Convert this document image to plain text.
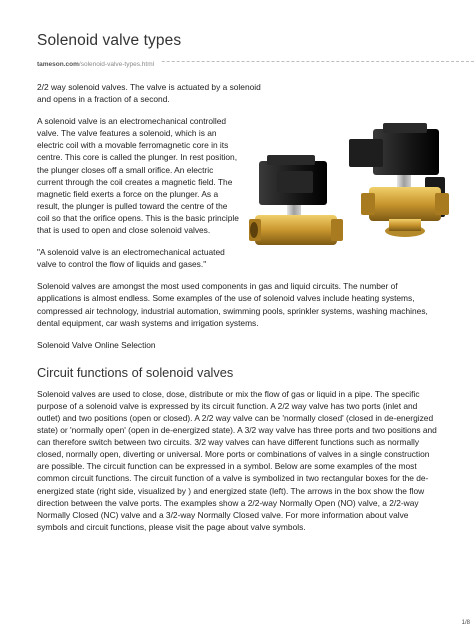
Solenoid valve types
tameson.com/solenoid-valve-types.html

2/2 way solenoid valves. The valve is actuated by a solenoid and opens in a fraction of a second.

A solenoid valve is an electromechanical controlled valve. The valve features a solenoid, which is an electric coil with a movable ferromagnetic core in its centre. This core is called the plunger. In rest position, the plunger closes off a small orifice. An electric current through the coil creates a magnetic field. The magnetic field exerts a force on the plunger. As a result, the plunger is pulled toward the centre of the coil so that the orifice opens. This is the basic principle that is used to open and close solenoid valves.

"A solenoid valve is an electromechanical actuated valve to control the flow of liquids and gases."

Solenoid valves are amongst the most used components in gas and liquid circuits. The number of applications is almost endless. Some examples of the use of solenoid valves include heating systems, compressed air technology, industrial automation, swimming pools, sprinkler systems, washing machines, dental equipment, car wash systems and irrigation systems.

Solenoid Valve Online Selection

Circuit functions of solenoid valves

Solenoid valves are used to close, dose, distribute or mix the flow of gas or liquid in a pipe. The specific purpose of a solenoid valve is expressed by its circuit function. A 2/2 way valve has two ports (inlet and outlet) and two positions (open or closed). A 2/2 way valve can be 'normally closed' (closed in de-energized state) or 'normally open' (open in de-energized state). A 3/2 way valve has three ports and two positions and can therefore switch between two circuits. 3/2 way valves can have different functions such as normally closed, normally open, diverting or universal. More ports or combinations of valves in a single construction are possible. The circuit function can be expressed in a symbol. Below are some examples of the most common circuit functions. The circuit function of a valve is symbolized in two rectangular boxes for the de-energized state (right side, visualized by ) and energized state (left). The arrows in the box show the flow direction between the valve ports. The examples show a 2/2-way Normally Open (NO) valve, a 2/2-way Normally Closed (NC) valve and a 3/2-way Normally Closed valve. For more information about valve symbols and circuit functions, please visit the page about valve symbols.

1/8
